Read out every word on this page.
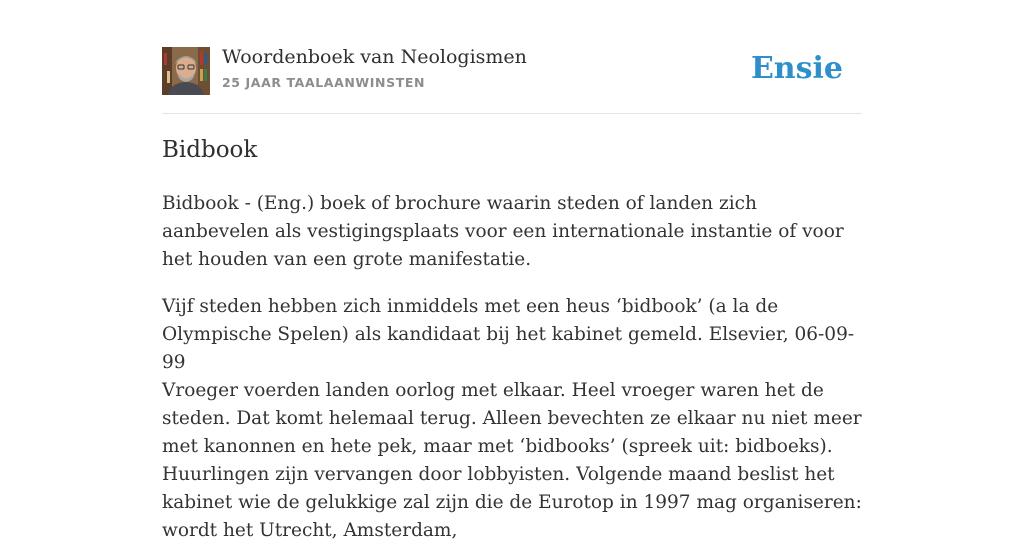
Woordenboek van Neologismen
25 JAAR TAALAANWINSTEN	Ensie
Bidbook

Bidbook - (Eng.) boek of brochure waarin steden of landen zich aanbevelen als vestigingsplaats voor een internationale instantie of voor het houden van een grote manifestatie.

Vijf steden hebben zich inmiddels met een heus ‘bidbook’ (a la de Olympische Spelen) als kandidaat bij het kabinet gemeld. Elsevier, 06-09-99

Vroeger voerden landen oorlog met elkaar. Heel vroeger waren het de steden. Dat komt helemaal terug. Alleen bevechten ze elkaar nu niet meer met kanonnen en hete pek, maar met ‘bidbooks’ (spreek uit: bidboeks). Huurlingen zijn vervangen door lobbyisten. Volgende maand beslist het kabinet wie de gelukkige zal zijn die de Eurotop in 1997 mag organiseren: wordt het Utrecht, Amsterdam,
